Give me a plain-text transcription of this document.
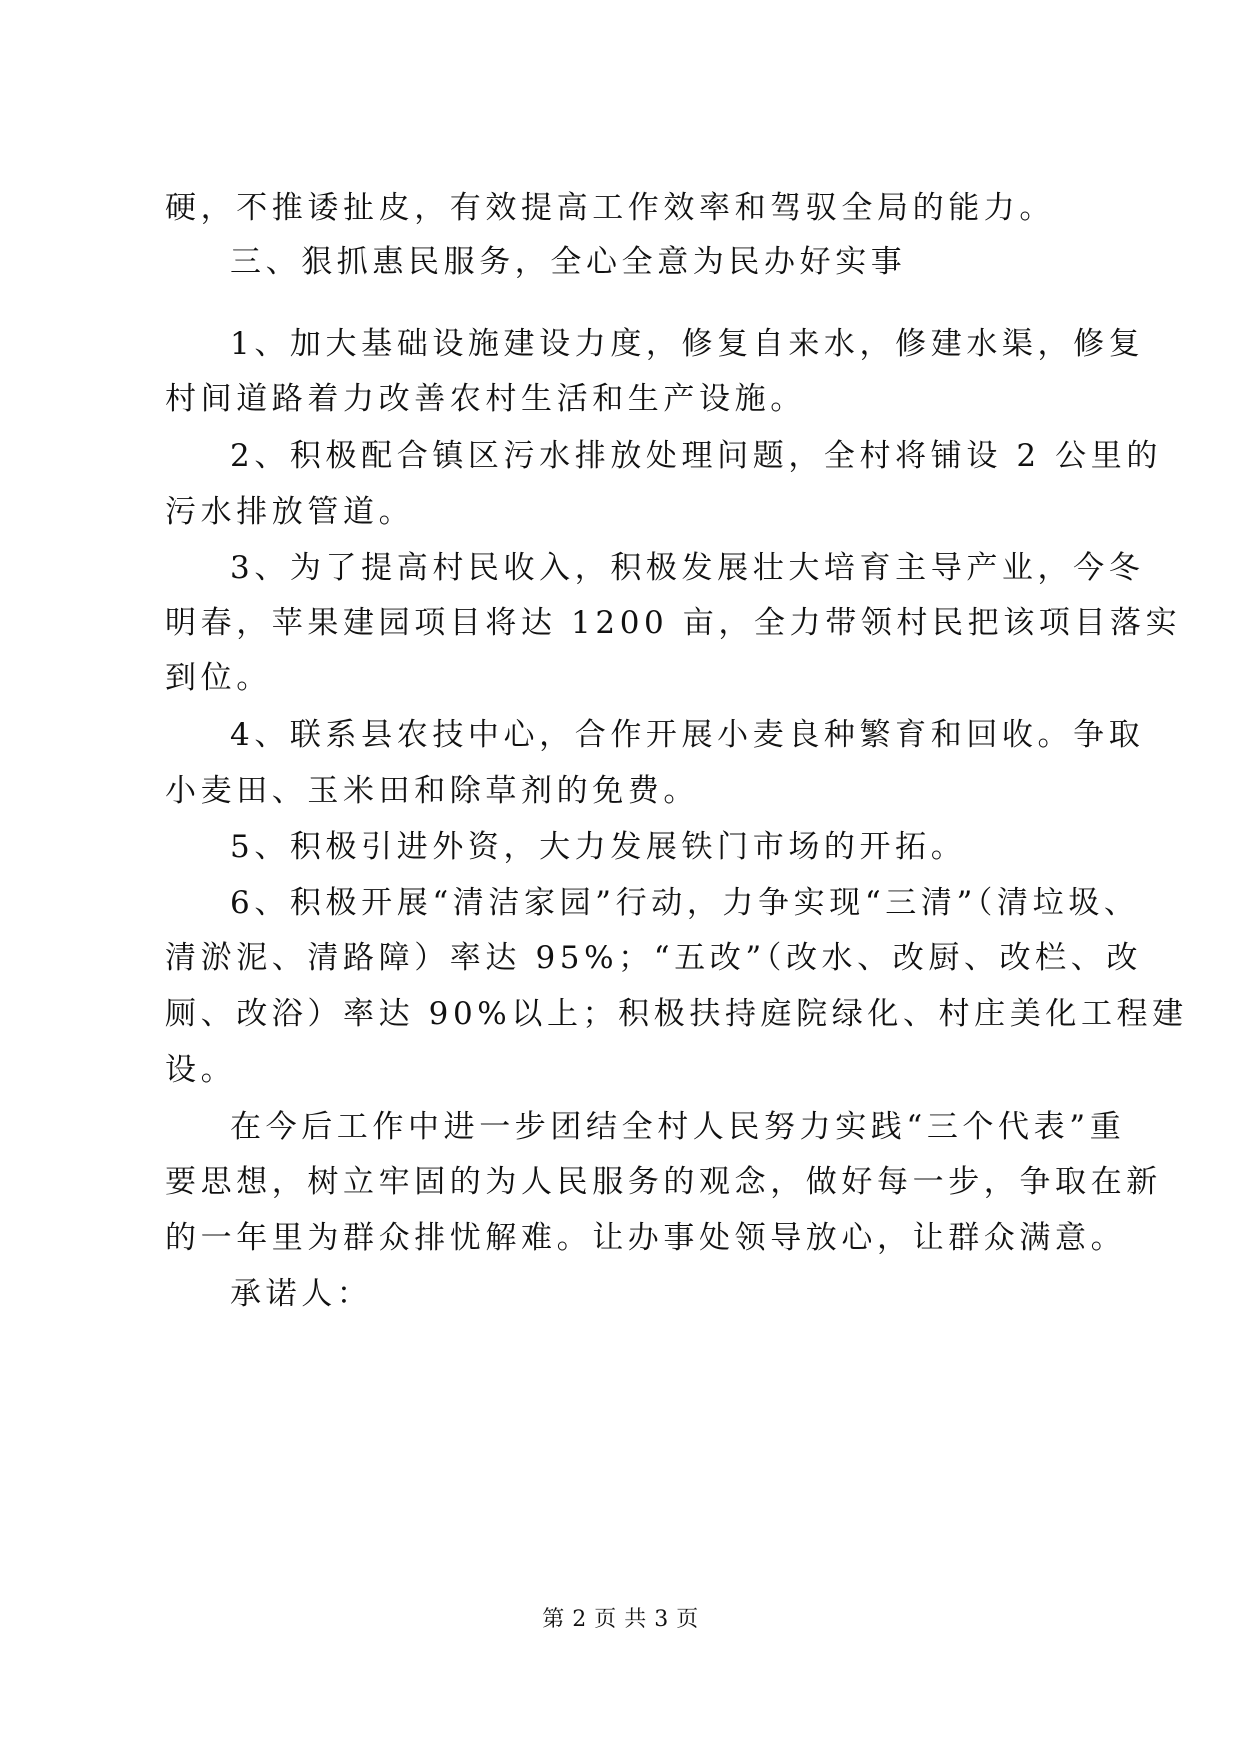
硬，不推诿扯皮，有效提高工作效率和驾驭全局的能力。
三、狠抓惠民服务，全心全意为民办好实事
1、加大基础设施建设力度，修复自来水，修建水渠，修复
村间道路着力改善农村生活和生产设施。
2、积极配合镇区污水排放处理问题，全村将铺设 2 公里的
污水排放管道。
3、为了提高村民收入，积极发展壮大培育主导产业，今冬
明春，苹果建园项目将达 1200 亩，全力带领村民把该项目落实
到位。
4、联系县农技中心，合作开展小麦良种繁育和回收。争取
小麦田、玉米田和除草剂的免费。
5、积极引进外资，大力发展铁门市场的开拓。
6、积极开展“清洁家园”行动，力争实现“三清”（清垃圾、
清淤泥、清路障）率达 95%；“五改”（改水、改厨、改栏、改
厕、改浴）率达 90%以上；积极扶持庭院绿化、村庄美化工程建
设。
在今后工作中进一步团结全村人民努力实践“三个代表”重
要思想，树立牢固的为人民服务的观念，做好每一步，争取在新
的一年里为群众排忧解难。让办事处领导放心，让群众满意。
承诺人：
第 2 页 共 3 页
